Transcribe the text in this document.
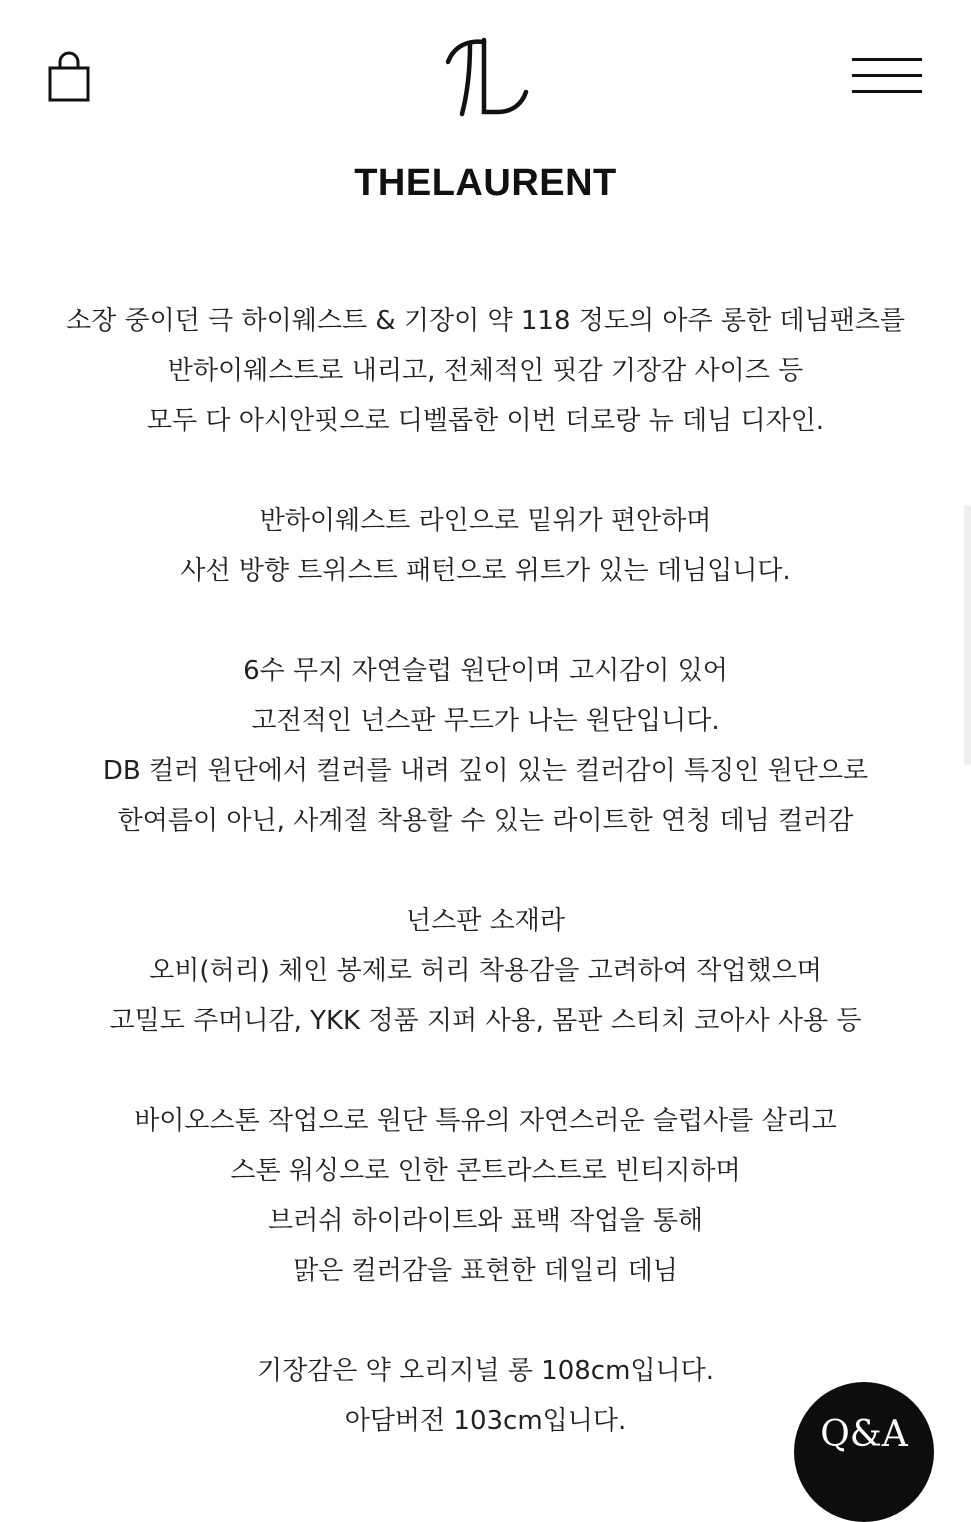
THELAURENT
소장 중이던 극 하이웨스트 & 기장이 약 118 정도의 아주 롱한 데님팬츠를
반하이웨스트로 내리고, 전체적인 핏감 기장감 사이즈 등
모두 다 아시안핏으로 디벨롭한 이번 더로랑 뉴 데님 디자인.
반하이웨스트 라인으로 밑위가 편안하며
사선 방향 트위스트 패턴으로 위트가 있는 데님입니다.
6수 무지 자연슬럽 원단이며 고시감이 있어
고전적인 넌스판 무드가 나는 원단입니다.
DB 컬러 원단에서 컬러를 내려 깊이 있는 컬러감이 특징인 원단으로
한여름이 아닌, 사계절 착용할 수 있는 라이트한 연청 데님 컬러감
넌스판 소재라
오비(허리) 체인 봉제로 허리 착용감을 고려하여 작업했으며
고밀도 주머니감, YKK 정품 지퍼 사용, 몸판 스티치 코아사 사용 등
바이오스톤 작업으로 원단 특유의 자연스러운 슬럽사를 살리고
스톤 워싱으로 인한 콘트라스트로 빈티지하며
브러쉬 하이라이트와 표백 작업을 통해
맑은 컬러감을 표현한 데일리 데님
기장감은 약 오리지널 롱 108cm입니다.
아담버전 103cm입니다.	Q&A
